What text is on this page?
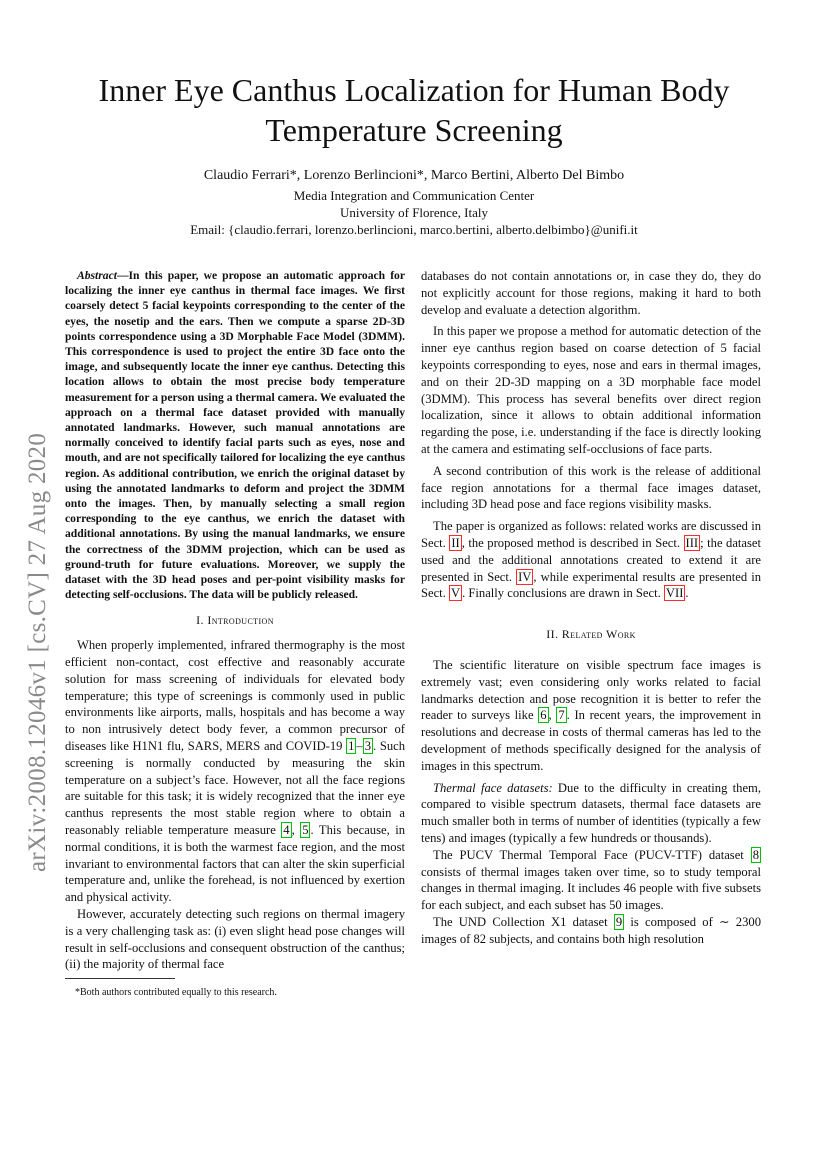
arXiv:2008.12046v1 [cs.CV] 27 Aug 2020
Inner Eye Canthus Localization for Human Body Temperature Screening
Claudio Ferrari*, Lorenzo Berlincioni*, Marco Bertini, Alberto Del Bimbo
Media Integration and Communication Center
University of Florence, Italy
Email: {claudio.ferrari, lorenzo.berlincioni, marco.bertini, alberto.delbimbo}@unifi.it

Abstract—In this paper, we propose an automatic approach for localizing the inner eye canthus in thermal face images. We first coarsely detect 5 facial keypoints corresponding to the center of the eyes, the nosetip and the ears. Then we compute a sparse 2D-3D points correspondence using a 3D Morphable Face Model (3DMM). This correspondence is used to project the entire 3D face onto the image, and subsequently locate the inner eye canthus. Detecting this location allows to obtain the most precise body temperature measurement for a person using a thermal camera. We evaluated the approach on a thermal face dataset provided with manually annotated landmarks. However, such manual annotations are normally conceived to identify facial parts such as eyes, nose and mouth, and are not specifically tailored for localizing the eye canthus region. As additional contribution, we enrich the original dataset by using the annotated landmarks to deform and project the 3DMM onto the images. Then, by manually selecting a small region corresponding to the eye canthus, we enrich the dataset with additional annotations. By using the manual landmarks, we ensure the correctness of the 3DMM projection, which can be used as ground-truth for future evaluations. Moreover, we supply the dataset with the 3D head poses and per-point visibility masks for detecting self-occlusions. The data will be publicly released.

I. Introduction

When properly implemented, infrared thermography is the most efficient non-contact, cost effective and reasonably accurate solution for mass screening of individuals for elevated body temperature; this type of screenings is commonly used in public environments like airports, malls, hospitals and has become a way to non intrusively detect body fever, a common precursor of diseases like H1N1 flu, SARS, MERS and COVID-19 1 – 3 . Such screening is normally conducted by measuring the skin temperature on a subject’s face. However, not all the face regions are suitable for this task; it is widely recognized that the inner eye canthus represents the most stable region where to obtain a reasonably reliable temperature measure 4 , 5 . This because, in normal conditions, it is both the warmest face region, and the most invariant to environmental factors that can alter the skin superficial temperature and, unlike the forehead, is not influenced by exertion and physical activity.

However, accurately detecting such regions on thermal imagery is a very challenging task as: (i) even slight head pose changes will result in self-occlusions and consequent obstruction of the canthus; (ii) the majority of thermal face

databases do not contain annotations or, in case they do, they do not explicitly account for those regions, making it hard to both develop and evaluate a detection algorithm.

In this paper we propose a method for automatic detection of the inner eye canthus region based on coarse detection of 5 facial keypoints corresponding to eyes, nose and ears in thermal images, and on their 2D-3D mapping on a 3D morphable face model (3DMM). This process has several benefits over direct region localization, since it allows to obtain additional information regarding the pose, i.e. understanding if the face is directly looking at the camera and estimating self-occlusions of face parts.

A second contribution of this work is the release of additional face region annotations for a thermal face images dataset, including 3D head pose and face regions visibility masks.

The paper is organized as follows: related works are discussed in Sect. II , the proposed method is described in Sect. III ; the dataset used and the additional annotations created to extend it are presented in Sect. IV , while experimental results are presented in Sect. V . Finally conclusions are drawn in Sect. VII .

II. Related Work

The scientific literature on visible spectrum face images is extremely vast; even considering only works related to facial landmarks detection and pose recognition it is better to refer the reader to surveys like 6 , 7 . In recent years, the improvement in resolutions and decrease in costs of thermal cameras has led to the development of methods specifically designed for the analysis of images in this spectrum.

Thermal face datasets: Due to the difficulty in creating them, compared to visible spectrum datasets, thermal face datasets are much smaller both in terms of number of identities (typically a few tens) and images (typically a few hundreds or thousands).

The PUCV Thermal Temporal Face (PUCV-TTF) dataset 8 consists of thermal images taken over time, so to study temporal changes in thermal imaging. It includes 46 people with five subsets for each subject, and each subset has 50 images.

The UND Collection X1 dataset 9 is composed of ∼ 2300 images of 82 subjects, and contains both high resolution

*Both authors contributed equally to this research.
